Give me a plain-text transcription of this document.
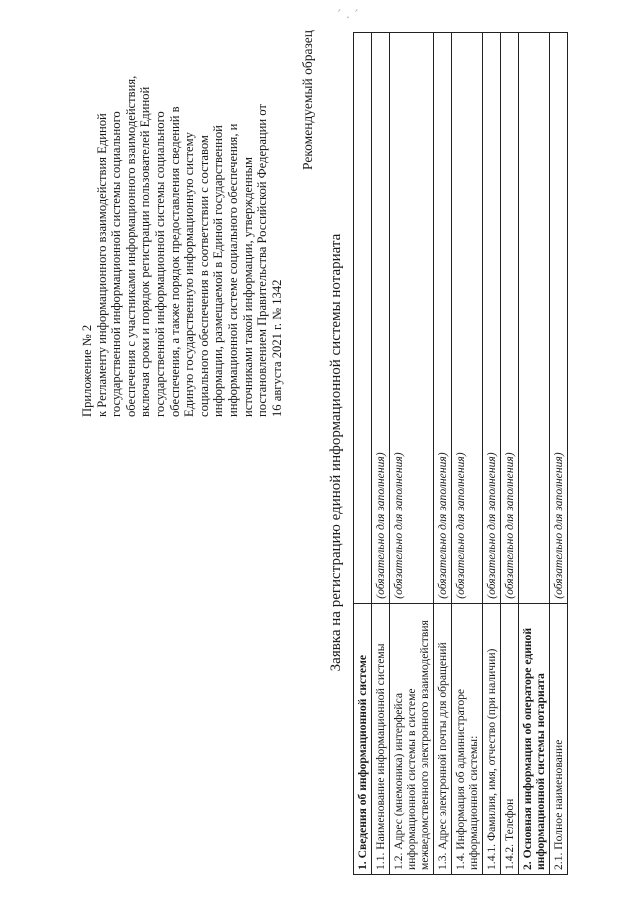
՛ . ՛
Приложение № 2 к Регламенту информационного взаимодействия Единой государственной информационной системы социального обеспечения с участниками информационного взаимодействия, включая сроки и порядок регистрации пользователей Единой государственной информационной системы социального обеспечения, а также порядок предоставления сведений в Единую государственную информационную систему социального обеспечения в соответствии с составом информации, размещаемой в Единой государственной информационной системе социального обеспечения, и источниками такой информации, утвержденным постановлением Правительства Российской Федерации от 16 августа 2021 г. № 1342
Рекомендуемый образец
Заявка на регистрацию единой информационной системы нотариата
1. Сведения об информационной системе	
1.1. Наименование информационной системы	(обязательно для заполнения)
1.2. Адрес (мнемоника) интерфейса информационной системы в системе межведомственного электронного взаимодействия	(обязательно для заполнения)
1.3. Адрес электронной почты для обращений	(обязательно для заполнения)
1.4. Информация об администраторе информационной системы:	(обязательно для заполнения)
1.4.1. Фамилия, имя, отчество (при наличии)	(обязательно для заполнения)
1.4.2. Телефон	(обязательно для заполнения)
2. Основная информация об операторе единой информационной системы нотариата	
2.1. Полное наименование	(обязательно для заполнения)
